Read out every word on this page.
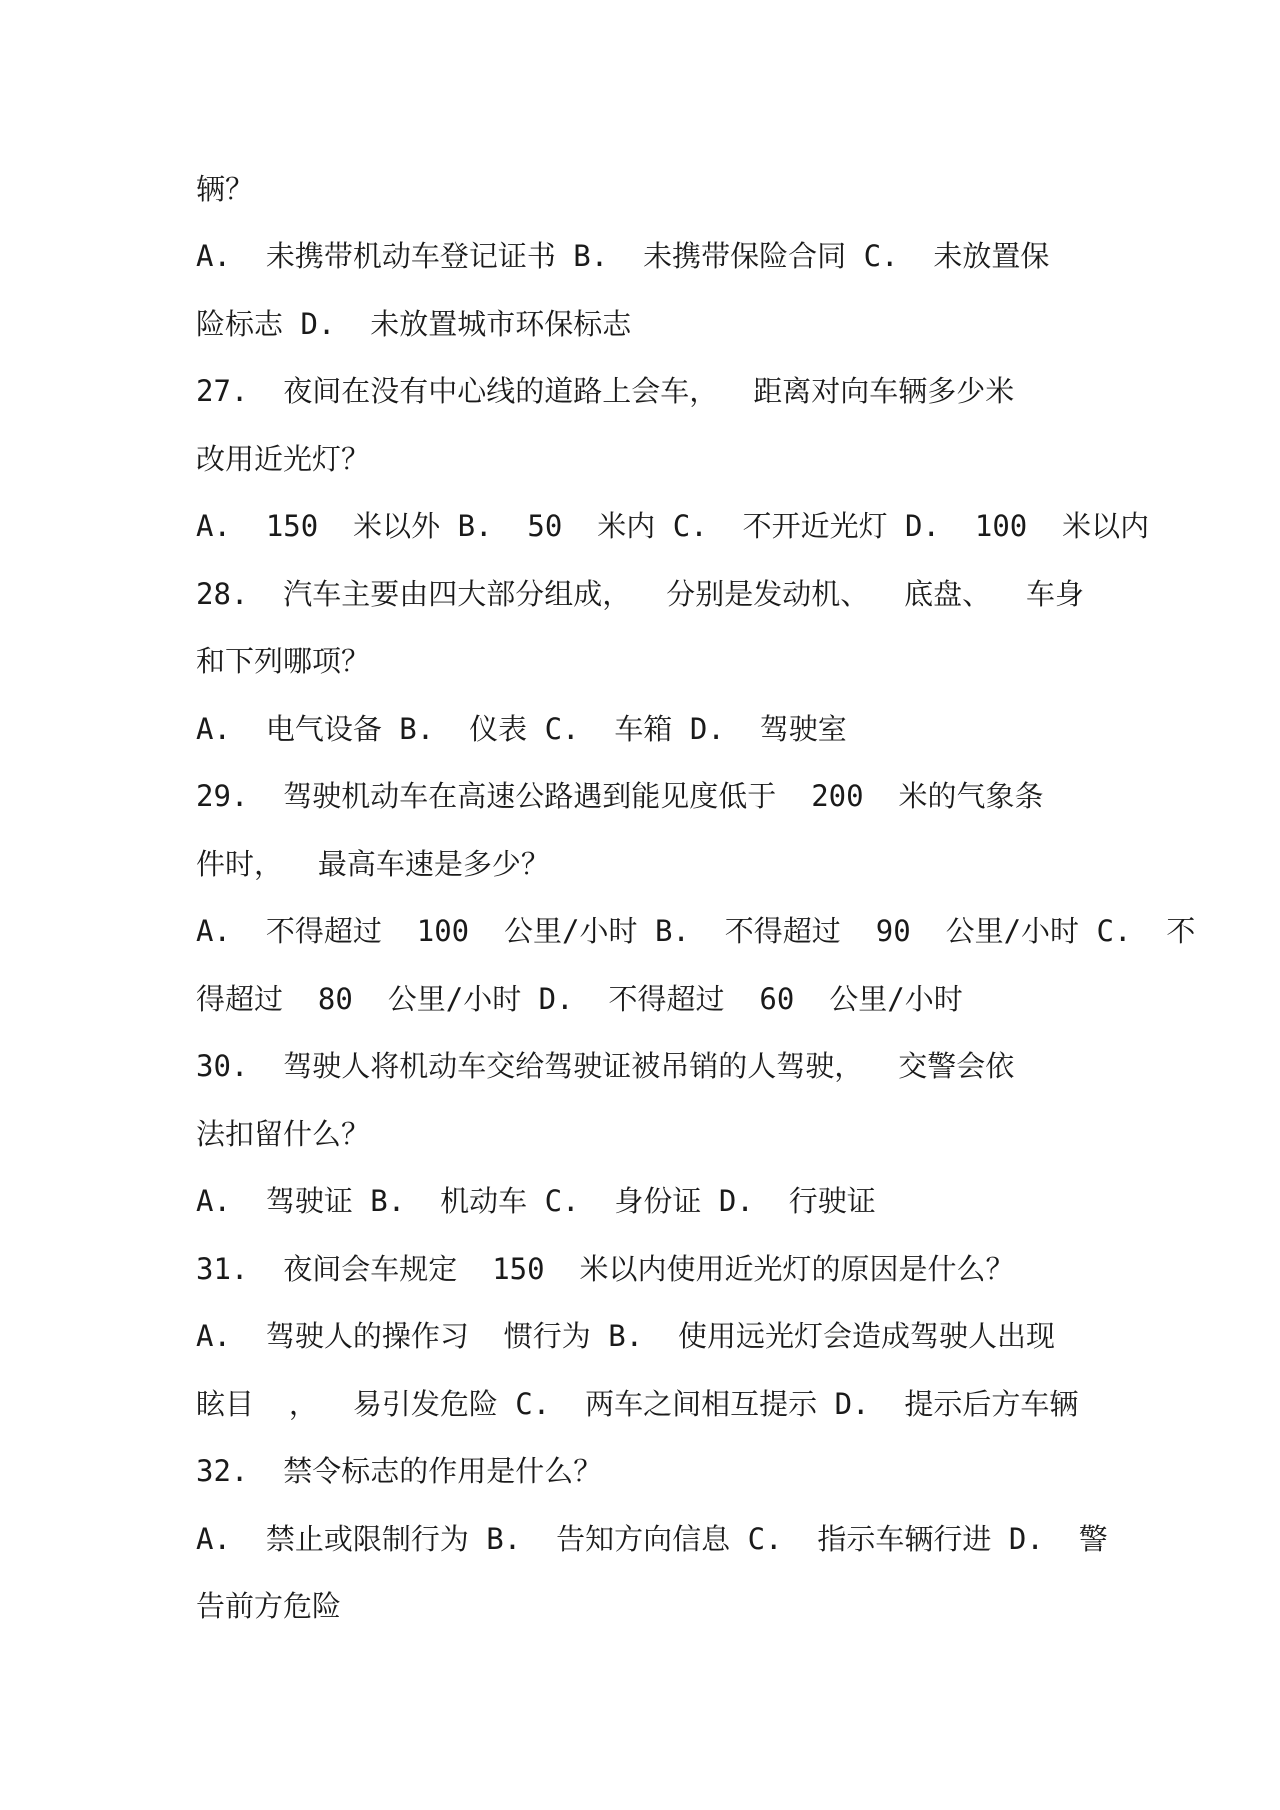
辆？
A.  未携带机动车登记证书 B.  未携带保险合同 C.  未放置保
险标志 D.  未放置城市环保标志
27.  夜间在没有中心线的道路上会车，  距离对向车辆多少米
改用近光灯？
A.  150  米以外 B.  50  米内 C.  不开近光灯 D.  100  米以内
28.  汽车主要由四大部分组成，  分别是发动机、  底盘、  车身
和下列哪项？
A.  电气设备 B.  仪表 C.  车箱 D.  驾驶室
29.  驾驶机动车在高速公路遇到能见度低于  200  米的气象条
件时，  最高车速是多少？
A.  不得超过  100  公里/小时 B.  不得超过  90  公里/小时 C.  不
得超过  80  公里/小时 D.  不得超过  60  公里/小时
30.  驾驶人将机动车交给驾驶证被吊销的人驾驶，  交警会依
法扣留什么？
A.  驾驶证 B.  机动车 C.  身份证 D.  行驶证
31.  夜间会车规定  150  米以内使用近光灯的原因是什么？
A.  驾驶人的操作习  惯行为 B.  使用远光灯会造成驾驶人出现
眩目  ，  易引发危险 C.  两车之间相互提示 D.  提示后方车辆
32.  禁令标志的作用是什么？
A.  禁止或限制行为 B.  告知方向信息 C.  指示车辆行进 D.  警
告前方危险
